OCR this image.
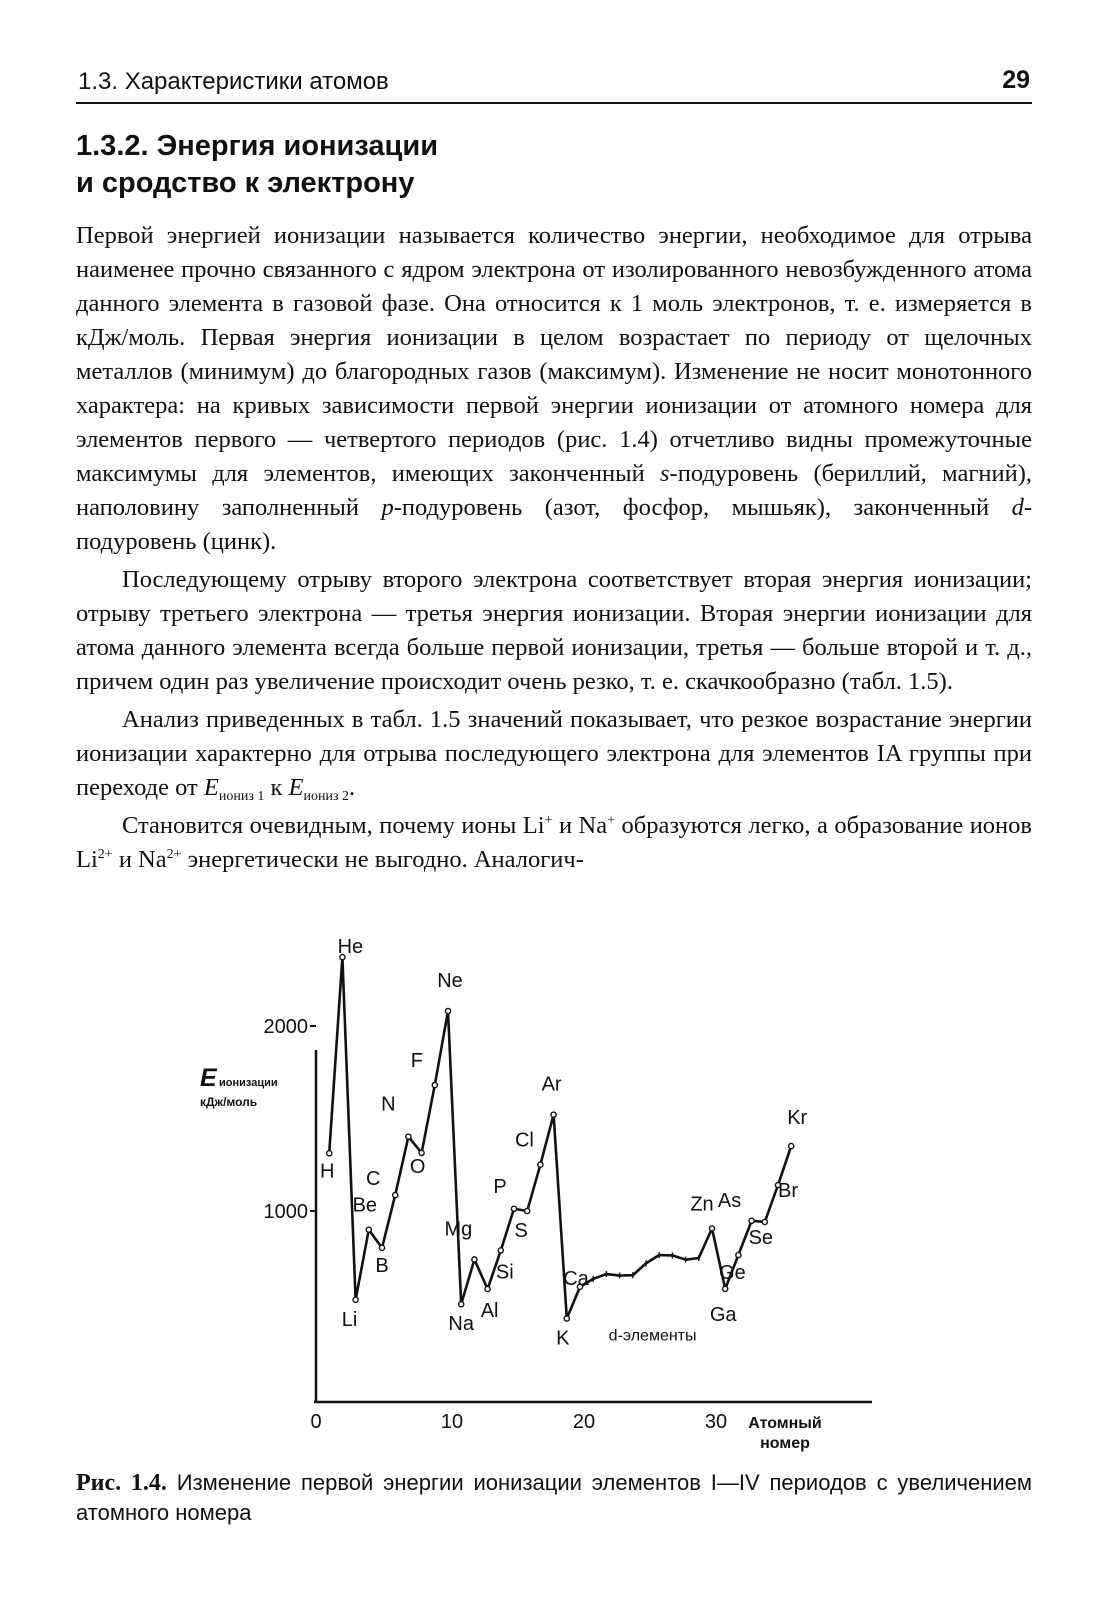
1.3. Характеристики атомов	29
1.3.2. Энергия ионизации
и сродство к электрону

Первой энергией ионизации называется количество энергии, необходимое для отрыва наименее прочно связанного с ядром электрона от изолированного невозбужденного атома данного элемента в газовой фазе. Она относится к 1 моль электронов, т. е. измеряется в кДж/моль. Первая энергия ионизации в целом возрастает по периоду от щелочных металлов (минимум) до благородных газов (максимум). Изменение не носит монотонного характера: на кривых зависимости первой энергии ионизации от атомного номера для элементов первого — четвертого периодов (рис. 1.4) отчетливо видны промежуточные максимумы для элементов, имеющих законченный s-подуровень (бериллий, магний), наполовину заполненный p-подуровень (азот, фосфор, мышьяк), законченный d-подуровень (цинк).

Последующему отрыву второго электрона соответствует вторая энергия ионизации; отрыву третьего электрона — третья энергия ионизации. Вторая энергии ионизации для атома данного элемента всегда больше первой ионизации, третья — больше второй и т. д., причем один раз увеличение происходит очень резко, т. е. скачкообразно (табл. 1.5).

Анализ приведенных в табл. 1.5 значений показывает, что резкое возрастание энергии ионизации характерно для отрыва последующего электрона для элементов IA группы при переходе от $E_{иониз 1}$ к $E_{иониз 2}$.

Становится очевидным, почему ионы Li+ и Na+ образуются легко, а образование ионов $Li^{2+}$ и $Na^{2+}$ энергетически не выгодно. Аналогич-

1000
2000
0	10	20	30
E ионизации
кДж/моль
Атомный
номер
H
He
Li
Be
B
C
N
O
F
Ne
Na
Mg
Al
Si
P
S
Cl
Ar
K
Ca
Zn
Ga
Ge
As
Se
Br
Kr
d-элементы
Рис. 1.4. Изменение первой энергии ионизации элементов I—IV периодов с увеличением атомного номера
